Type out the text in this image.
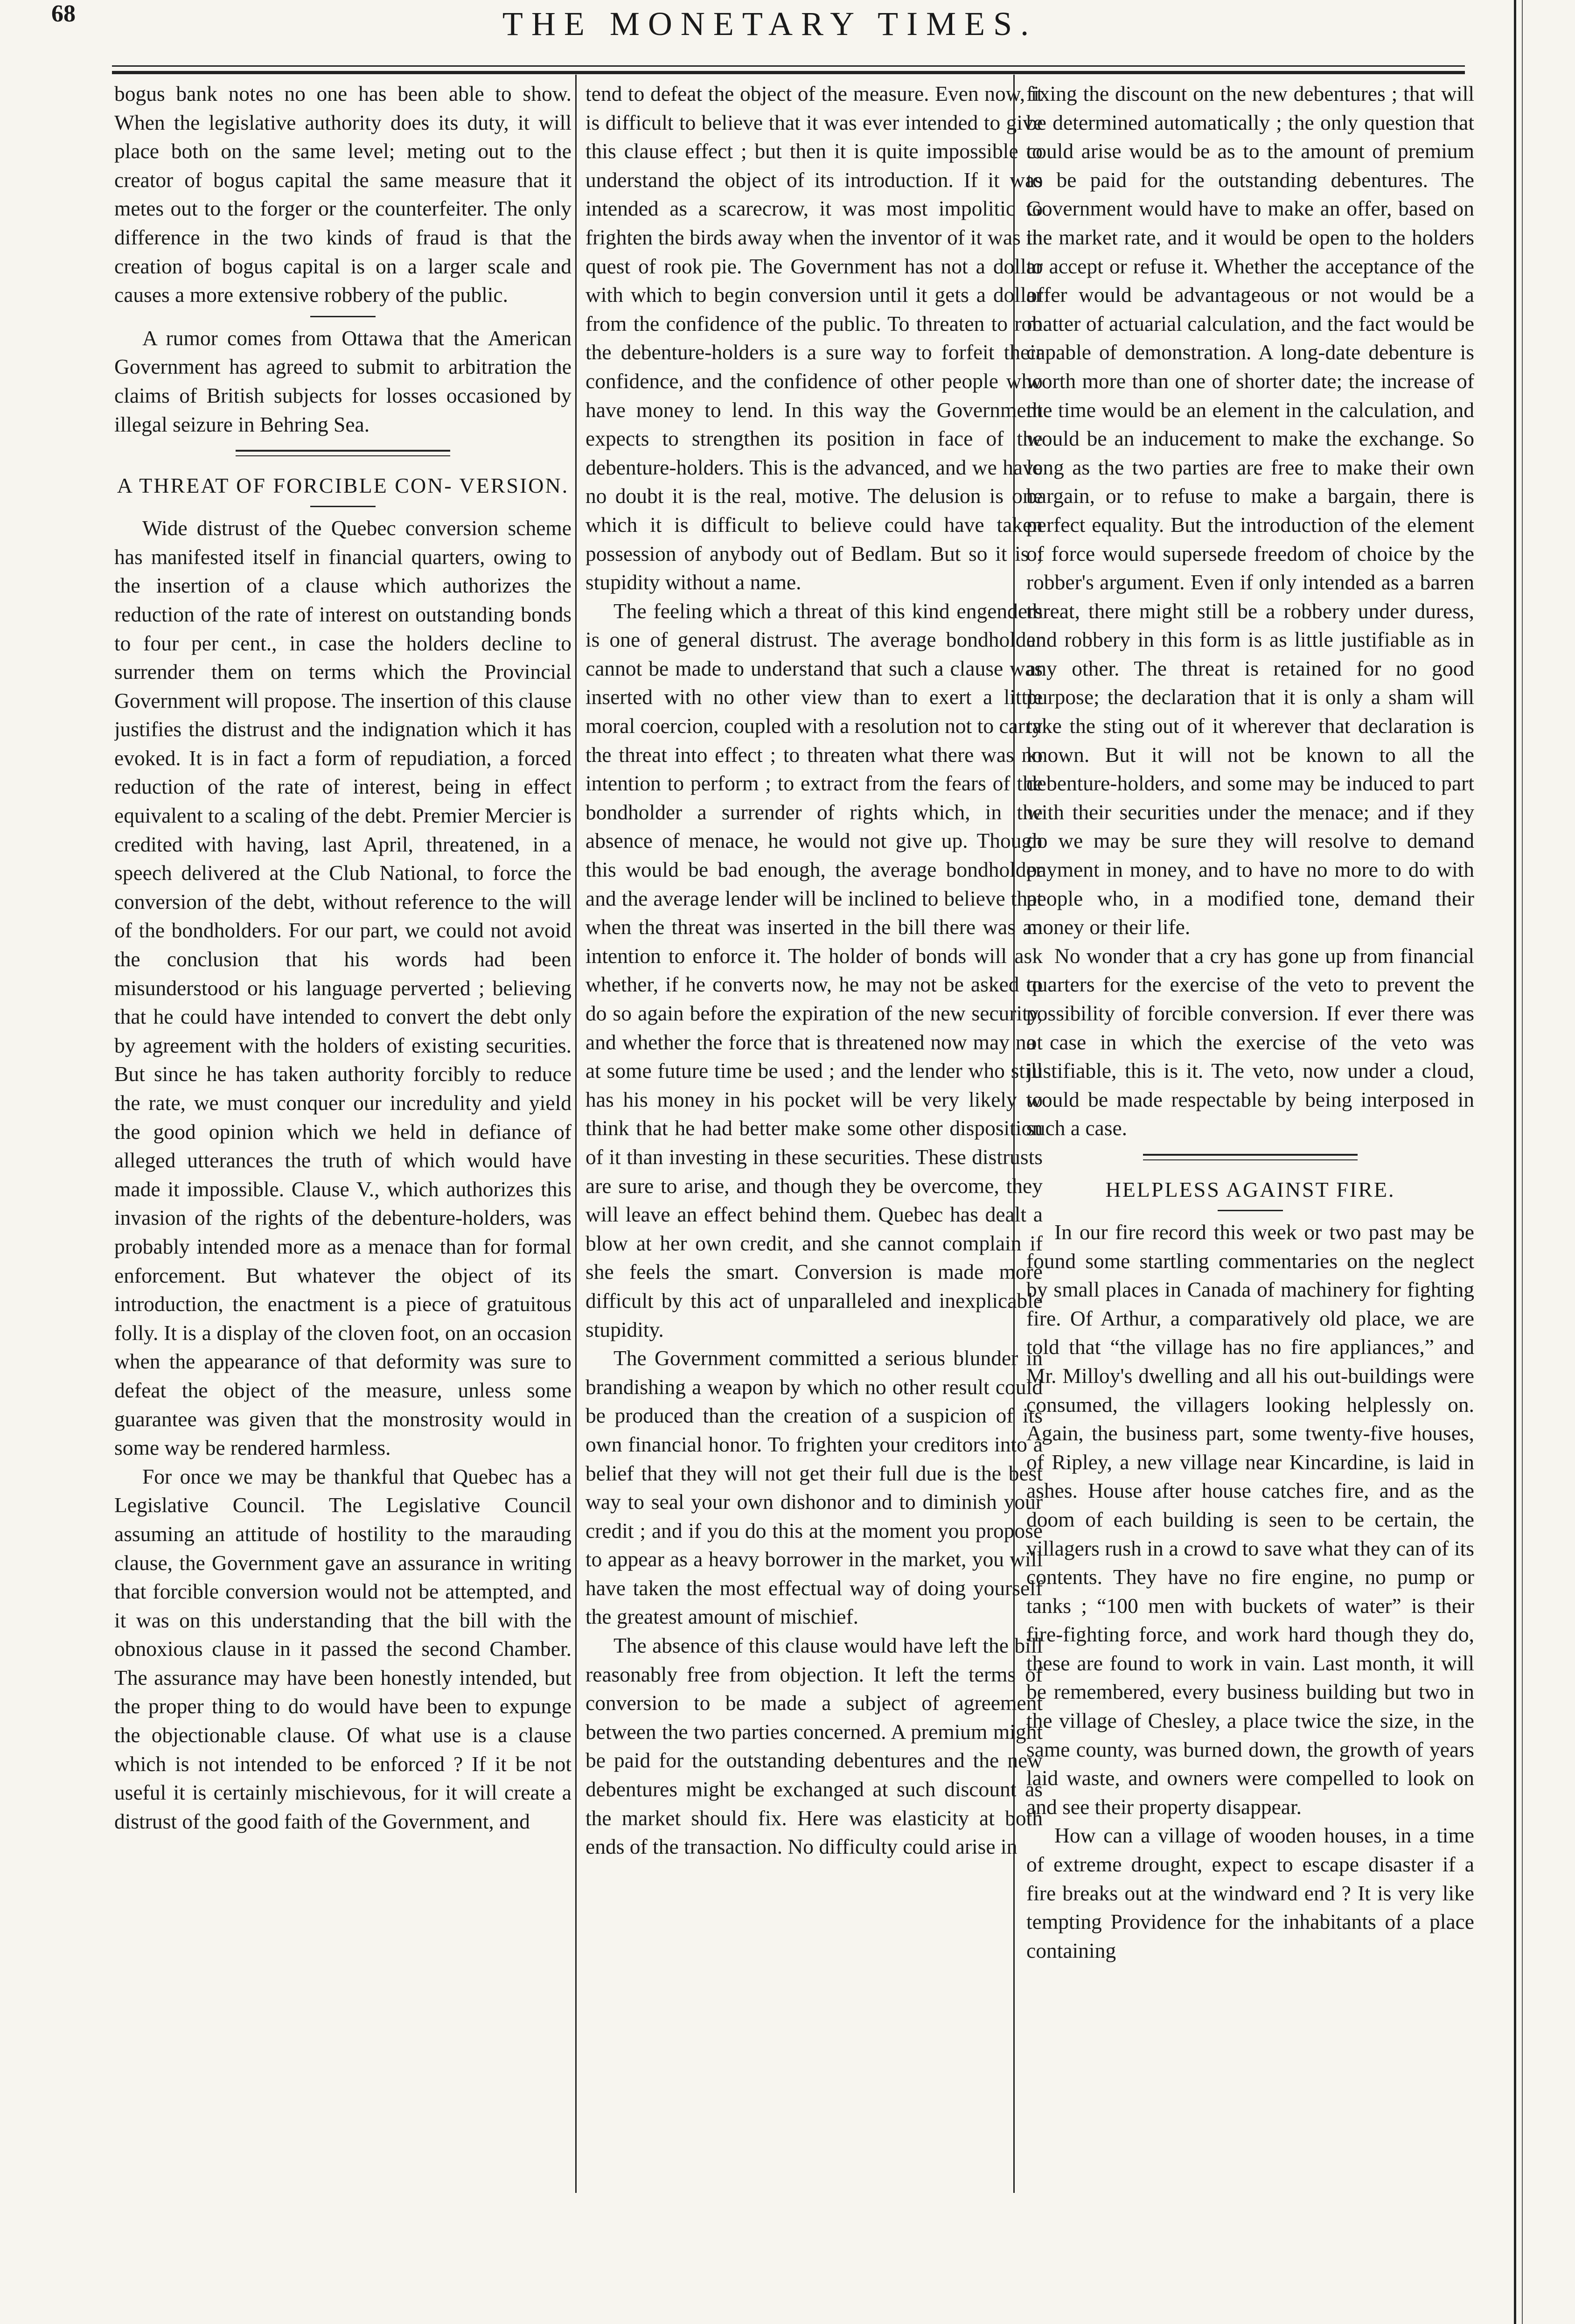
68	THE MONETARY TIMES.

bogus bank notes no one has been able to show. When the legislative authority does its duty, it will place both on the same level; meting out to the creator of bogus capital the same measure that it metes out to the forger or the counterfeiter. The only difference in the two kinds of fraud is that the creation of bogus capital is on a larger scale and causes a more extensive robbery of the public.

A rumor comes from Ottawa that the American Government has agreed to submit to arbitration the claims of British subjects for losses occasioned by illegal seizure in Behring Sea.

A THREAT OF FORCIBLE CON- VERSION.

Wide distrust of the Quebec conversion scheme has manifested itself in financial quarters, owing to the insertion of a clause which authorizes the reduction of the rate of interest on outstanding bonds to four per cent., in case the holders decline to surrender them on terms which the Provincial Government will propose. The insertion of this clause justifies the distrust and the indignation which it has evoked. It is in fact a form of repudiation, a forced reduction of the rate of interest, being in effect equivalent to a scaling of the debt. Premier Mercier is credited with having, last April, threatened, in a speech delivered at the Club National, to force the conversion of the debt, without reference to the will of the bondholders. For our part, we could not avoid the conclusion that his words had been misunderstood or his language perverted ; believing that he could have intended to convert the debt only by agreement with the holders of existing securities. But since he has taken authority forcibly to reduce the rate, we must conquer our incredulity and yield the good opinion which we held in defiance of alleged utterances the truth of which would have made it impossible. Clause V., which authorizes this invasion of the rights of the debenture-holders, was probably intended more as a menace than for formal enforcement. But whatever the object of its introduction, the enactment is a piece of gratuitous folly. It is a display of the cloven foot, on an occasion when the appearance of that deformity was sure to defeat the object of the measure, unless some guarantee was given that the monstrosity would in some way be rendered harmless.

For once we may be thankful that Quebec has a Legislative Council. The Legislative Council assuming an attitude of hostility to the marauding clause, the Government gave an assurance in writing that forcible conversion would not be attempted, and it was on this understanding that the bill with the obnoxious clause in it passed the second Chamber. The assurance may have been honestly intended, but the proper thing to do would have been to expunge the objectionable clause. Of what use is a clause which is not intended to be enforced ? If it be not useful it is certainly mischievous, for it will create a distrust of the good faith of the Government, and

tend to defeat the object of the measure. Even now, it is difficult to believe that it was ever intended to give this clause effect ; but then it is quite impossible to understand the object of its introduction. If it was intended as a scarecrow, it was most impolitic to frighten the birds away when the inventor of it was in quest of rook pie. The Government has not a dollar with which to begin conversion until it gets a dollar from the confidence of the public. To threaten to rob the debenture-holders is a sure way to forfeit their confidence, and the confidence of other people who have money to lend. In this way the Government expects to strengthen its position in face of the debenture-holders. This is the advanced, and we have no doubt it is the real, motive. The delusion is one which it is difficult to believe could have taken possession of anybody out of Bedlam. But so it is ; stupidity without a name.

The feeling which a threat of this kind engenders is one of general distrust. The average bondholder cannot be made to understand that such a clause was inserted with no other view than to exert a little moral coercion, coupled with a resolution not to carry the threat into effect ; to threaten what there was no intention to perform ; to extract from the fears of the bondholder a surrender of rights which, in the absence of menace, he would not give up. Though this would be bad enough, the average bondholder and the average lender will be inclined to believe that when the threat was inserted in the bill there was an intention to enforce it. The holder of bonds will ask whether, if he converts now, he may not be asked to do so again before the expiration of the new security, and whether the force that is threatened now may not at some future time be used ; and the lender who still has his money in his pocket will be very likely to think that he had better make some other disposition of it than investing in these securities. These distrusts are sure to arise, and though they be overcome, they will leave an effect behind them. Quebec has dealt a blow at her own credit, and she cannot complain if she feels the smart. Conversion is made more difficult by this act of unparalleled and inexplicable stupidity.

The Government committed a serious blunder in brandishing a weapon by which no other result could be produced than the creation of a suspicion of its own financial honor. To frighten your creditors into a belief that they will not get their full due is the best way to seal your own dishonor and to diminish your credit ; and if you do this at the moment you propose to appear as a heavy borrower in the market, you will have taken the most effectual way of doing yourself the greatest amount of mischief.

The absence of this clause would have left the bill reasonably free from objection. It left the terms of conversion to be made a subject of agreement between the two parties concerned. A premium might be paid for the outstanding debentures and the new debentures might be exchanged at such discount as the market should fix. Here was elasticity at both ends of the transaction. No difficulty could arise in

fixing the discount on the new debentures ; that will be determined automatically ; the only question that could arise would be as to the amount of premium to be paid for the outstanding debentures. The Government would have to make an offer, based on the market rate, and it would be open to the holders to accept or refuse it. Whether the acceptance of the offer would be advantageous or not would be a matter of actuarial calculation, and the fact would be capable of demonstration. A long-date debenture is worth more than one of shorter date; the increase of the time would be an element in the calculation, and would be an inducement to make the exchange. So long as the two parties are free to make their own bargain, or to refuse to make a bargain, there is perfect equality. But the introduction of the element of force would supersede freedom of choice by the robber's argument. Even if only intended as a barren threat, there might still be a robbery under duress, and robbery in this form is as little justifiable as in any other. The threat is retained for no good purpose; the declaration that it is only a sham will take the sting out of it wherever that declaration is known. But it will not be known to all the debenture-holders, and some may be induced to part with their securities under the menace; and if they do we may be sure they will resolve to demand payment in money, and to have no more to do with people who, in a modified tone, demand their money or their life.

No wonder that a cry has gone up from financial quarters for the exercise of the veto to prevent the possibility of forcible conversion. If ever there was a case in which the exercise of the veto was justifiable, this is it. The veto, now under a cloud, would be made respectable by being interposed in such a case.

HELPLESS AGAINST FIRE.

In our fire record this week or two past may be found some startling commentaries on the neglect by small places in Canada of machinery for fighting fire. Of Arthur, a comparatively old place, we are told that “the village has no fire appliances,” and Mr. Milloy's dwelling and all his out-buildings were consumed, the villagers looking helplessly on. Again, the business part, some twenty-five houses, of Ripley, a new village near Kincardine, is laid in ashes. House after house catches fire, and as the doom of each building is seen to be certain, the villagers rush in a crowd to save what they can of its contents. They have no fire engine, no pump or tanks ; “100 men with buckets of water” is their fire-fighting force, and work hard though they do, these are found to work in vain. Last month, it will be remembered, every business building but two in the village of Chesley, a place twice the size, in the same county, was burned down, the growth of years laid waste, and owners were compelled to look on and see their property disappear.

How can a village of wooden houses, in a time of extreme drought, expect to escape disaster if a fire breaks out at the windward end ? It is very like tempting Providence for the inhabitants of a place containing
